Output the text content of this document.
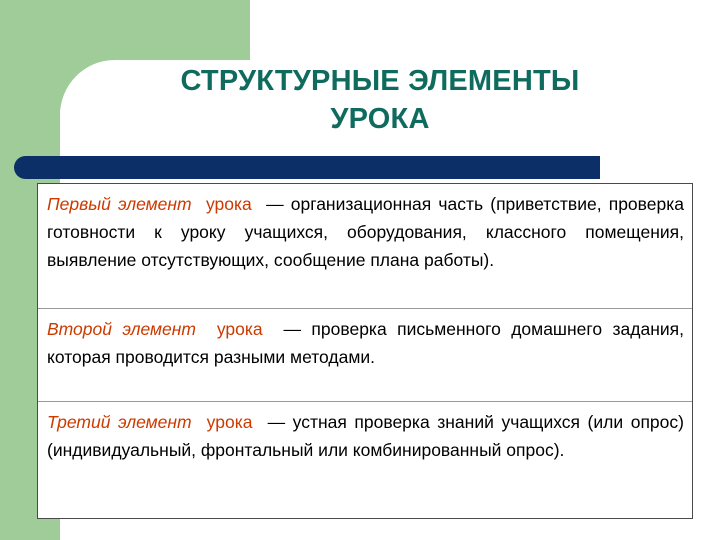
СТРУКТУРНЫЕ ЭЛЕМЕНТЫ
УРОКА
Первый элемент урока — организационная часть (приветствие, проверка готовности к уроку учащихся, оборудования, классного помещения, выявление отсутствующих, сообщение плана работы).
Второй элемент урока — проверка письменного домашнего задания, которая проводится разными методами.
Третий элемент урока — устная проверка знаний учащихся (или опрос) (индивидуальный, фронтальный или комбинированный опрос).
